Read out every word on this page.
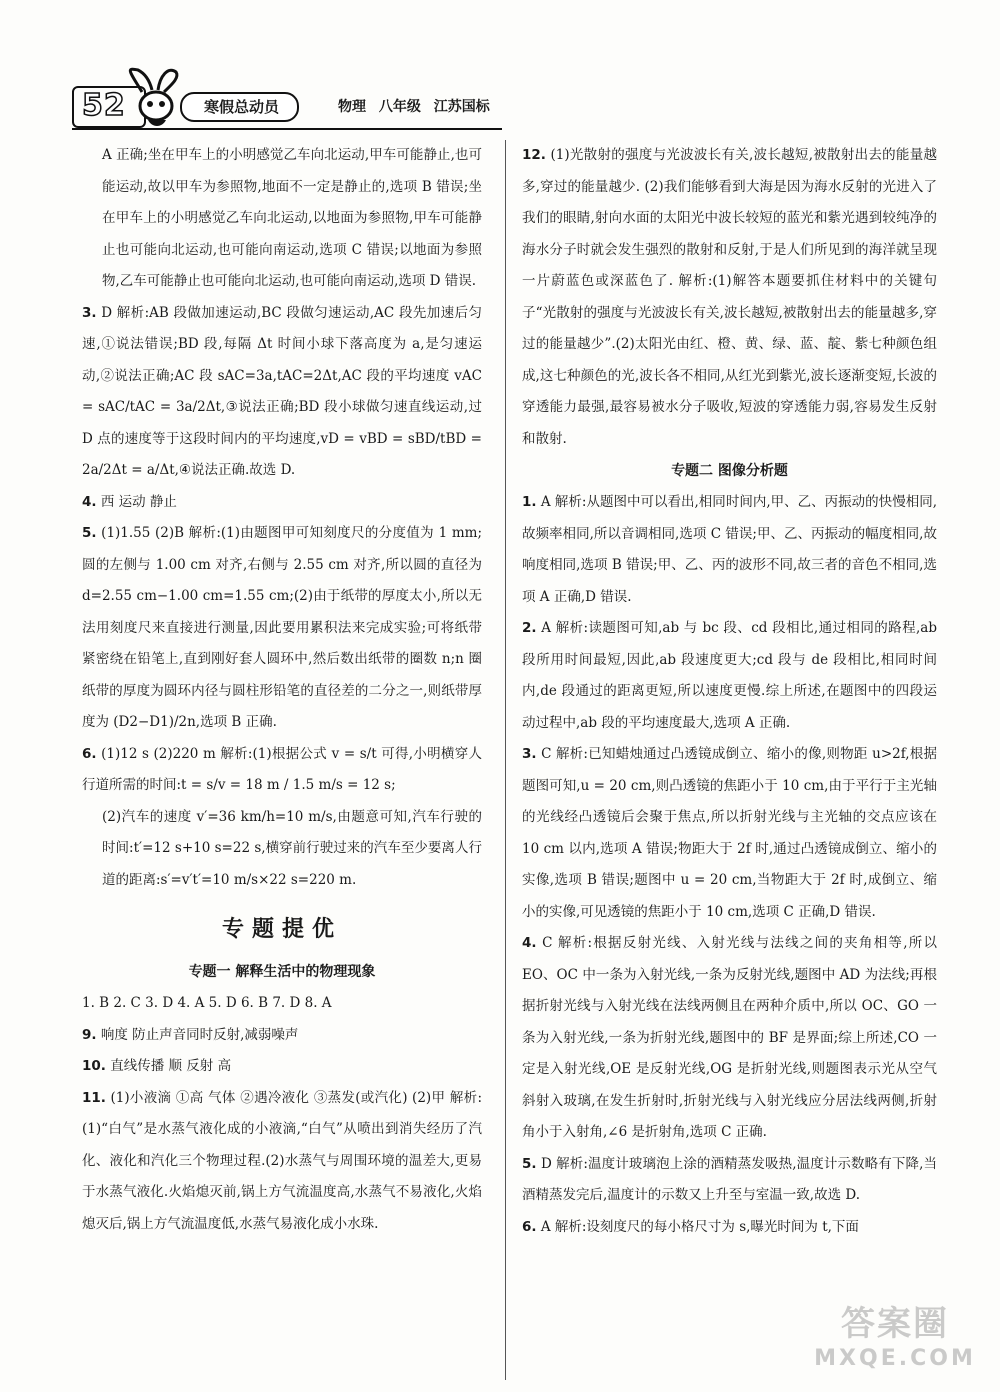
52	寒假总动员	物理 八年级 江苏国标

A 正确;坐在甲车上的小明感觉乙车向北运动,甲车可能静止,也可能运动,故以甲车为参照物,地面不一定是静止的,选项 B 错误;坐在甲车上的小明感觉乙车向北运动,以地面为参照物,甲车可能静止也可能向北运动,也可能向南运动,选项 C 错误;以地面为参照物,乙车可能静止也可能向北运动,也可能向南运动,选项 D 错误.

3. D 解析:AB 段做加速运动,BC 段做匀速运动,AC 段先加速后匀速,①说法错误;BD 段,每隔 Δt 时间小球下落高度为 a,是匀速运动,②说法正确;AC 段 sAC=3a,tAC=2Δt,AC 段的平均速度 vAC = sAC/tAC = 3a/2Δt,③说法正确;BD 段小球做匀速直线运动,过 D 点的速度等于这段时间内的平均速度,vD = vBD = sBD/tBD = 2a/2Δt = a/Δt,④说法正确.故选 D.

4. 西 运动 静止

5. (1)1.55 (2)B 解析:(1)由题图甲可知刻度尺的分度值为 1 mm;圆的左侧与 1.00 cm 对齐,右侧与 2.55 cm 对齐,所以圆的直径为 d=2.55 cm−1.00 cm=1.55 cm;(2)由于纸带的厚度太小,所以无法用刻度尺来直接进行测量,因此要用累积法来完成实验;可将纸带紧密绕在铅笔上,直到刚好套人圆环中,然后数出纸带的圈数 n;n 圈纸带的厚度为圆环内径与圆柱形铅笔的直径差的二分之一,则纸带厚度为 (D2−D1)/2n,选项 B 正确.

6. (1)12 s (2)220 m 解析:(1)根据公式 v = s/t 可得,小明横穿人行道所需的时间:t = s/v = 18 m / 1.5 m/s = 12 s;

(2)汽车的速度 v′=36 km/h=10 m/s,由题意可知,汽车行驶的时间:t′=12 s+10 s=22 s,横穿前行驶过来的汽车至少要离人行道的距离:s′=v′t′=10 m/s×22 s=220 m.

专题提优
专题一 解释生活中的物理现象

1. B 2. C 3. D 4. A 5. D 6. B 7. D 8. A

9. 响度 防止声音同时反射,减弱噪声

10. 直线传播 顺 反射 高

11. (1)小液滴 ①高 气体 ②遇冷液化 ③蒸发(或汽化) (2)甲 解析:(1)“白气”是水蒸气液化成的小液滴,“白气”从喷出到消失经历了汽化、液化和汽化三个物理过程.(2)水蒸气与周围环境的温差大,更易于水蒸气液化.火焰熄灭前,锅上方气流温度高,水蒸气不易液化,火焰熄灭后,锅上方气流温度低,水蒸气易液化成小水珠.

12. (1)光散射的强度与光波波长有关,波长越短,被散射出去的能量越多,穿过的能量越少. (2)我们能够看到大海是因为海水反射的光进入了我们的眼睛,射向水面的太阳光中波长较短的蓝光和紫光遇到较纯净的海水分子时就会发生强烈的散射和反射,于是人们所见到的海洋就呈现一片蔚蓝色或深蓝色了. 解析:(1)解答本题要抓住材料中的关键句子“光散射的强度与光波波长有关,波长越短,被散射出去的能量越多,穿过的能量越少”.(2)太阳光由红、橙、黄、绿、蓝、靛、紫七种颜色组成,这七种颜色的光,波长各不相同,从红光到紫光,波长逐渐变短,长波的穿透能力最强,最容易被水分子吸收,短波的穿透能力弱,容易发生反射和散射.

专题二 图像分析题

1. A 解析:从题图中可以看出,相同时间内,甲、乙、丙振动的快慢相同,故频率相同,所以音调相同,选项 C 错误;甲、乙、丙振动的幅度相同,故响度相同,选项 B 错误;甲、乙、丙的波形不同,故三者的音色不相同,选项 A 正确,D 错误.

2. A 解析:读题图可知,ab 与 bc 段、cd 段相比,通过相同的路程,ab 段所用时间最短,因此,ab 段速度更大;cd 段与 de 段相比,相同时间内,de 段通过的距离更短,所以速度更慢.综上所述,在题图中的四段运动过程中,ab 段的平均速度最大,选项 A 正确.

3. C 解析:已知蜡烛通过凸透镜成倒立、缩小的像,则物距 u>2f,根据题图可知,u = 20 cm,则凸透镜的焦距小于 10 cm,由于平行于主光轴的光线经凸透镜后会聚于焦点,所以折射光线与主光轴的交点应该在 10 cm 以内,选项 A 错误;物距大于 2f 时,通过凸透镜成倒立、缩小的实像,选项 B 错误;题图中 u = 20 cm,当物距大于 2f 时,成倒立、缩小的实像,可见透镜的焦距小于 10 cm,选项 C 正确,D 错误.

4. C 解析:根据反射光线、入射光线与法线之间的夹角相等,所以 EO、OC 中一条为入射光线,一条为反射光线,题图中 AD 为法线;再根据折射光线与入射光线在法线两侧且在两种介质中,所以 OC、GO 一条为入射光线,一条为折射光线,题图中的 BF 是界面;综上所述,CO 一定是入射光线,OE 是反射光线,OG 是折射光线,则题图表示光从空气斜射入玻璃,在发生折射时,折射光线与入射光线应分居法线两侧,折射角小于入射角,∠6 是折射角,选项 C 正确.

5. D 解析:温度计玻璃泡上涂的酒精蒸发吸热,温度计示数略有下降,当酒精蒸发完后,温度计的示数又上升至与室温一致,故选 D.

6. A 解析:设刻度尺的每小格尺寸为 s,曝光时间为 t,下面

答案圈
MXQE.COM
